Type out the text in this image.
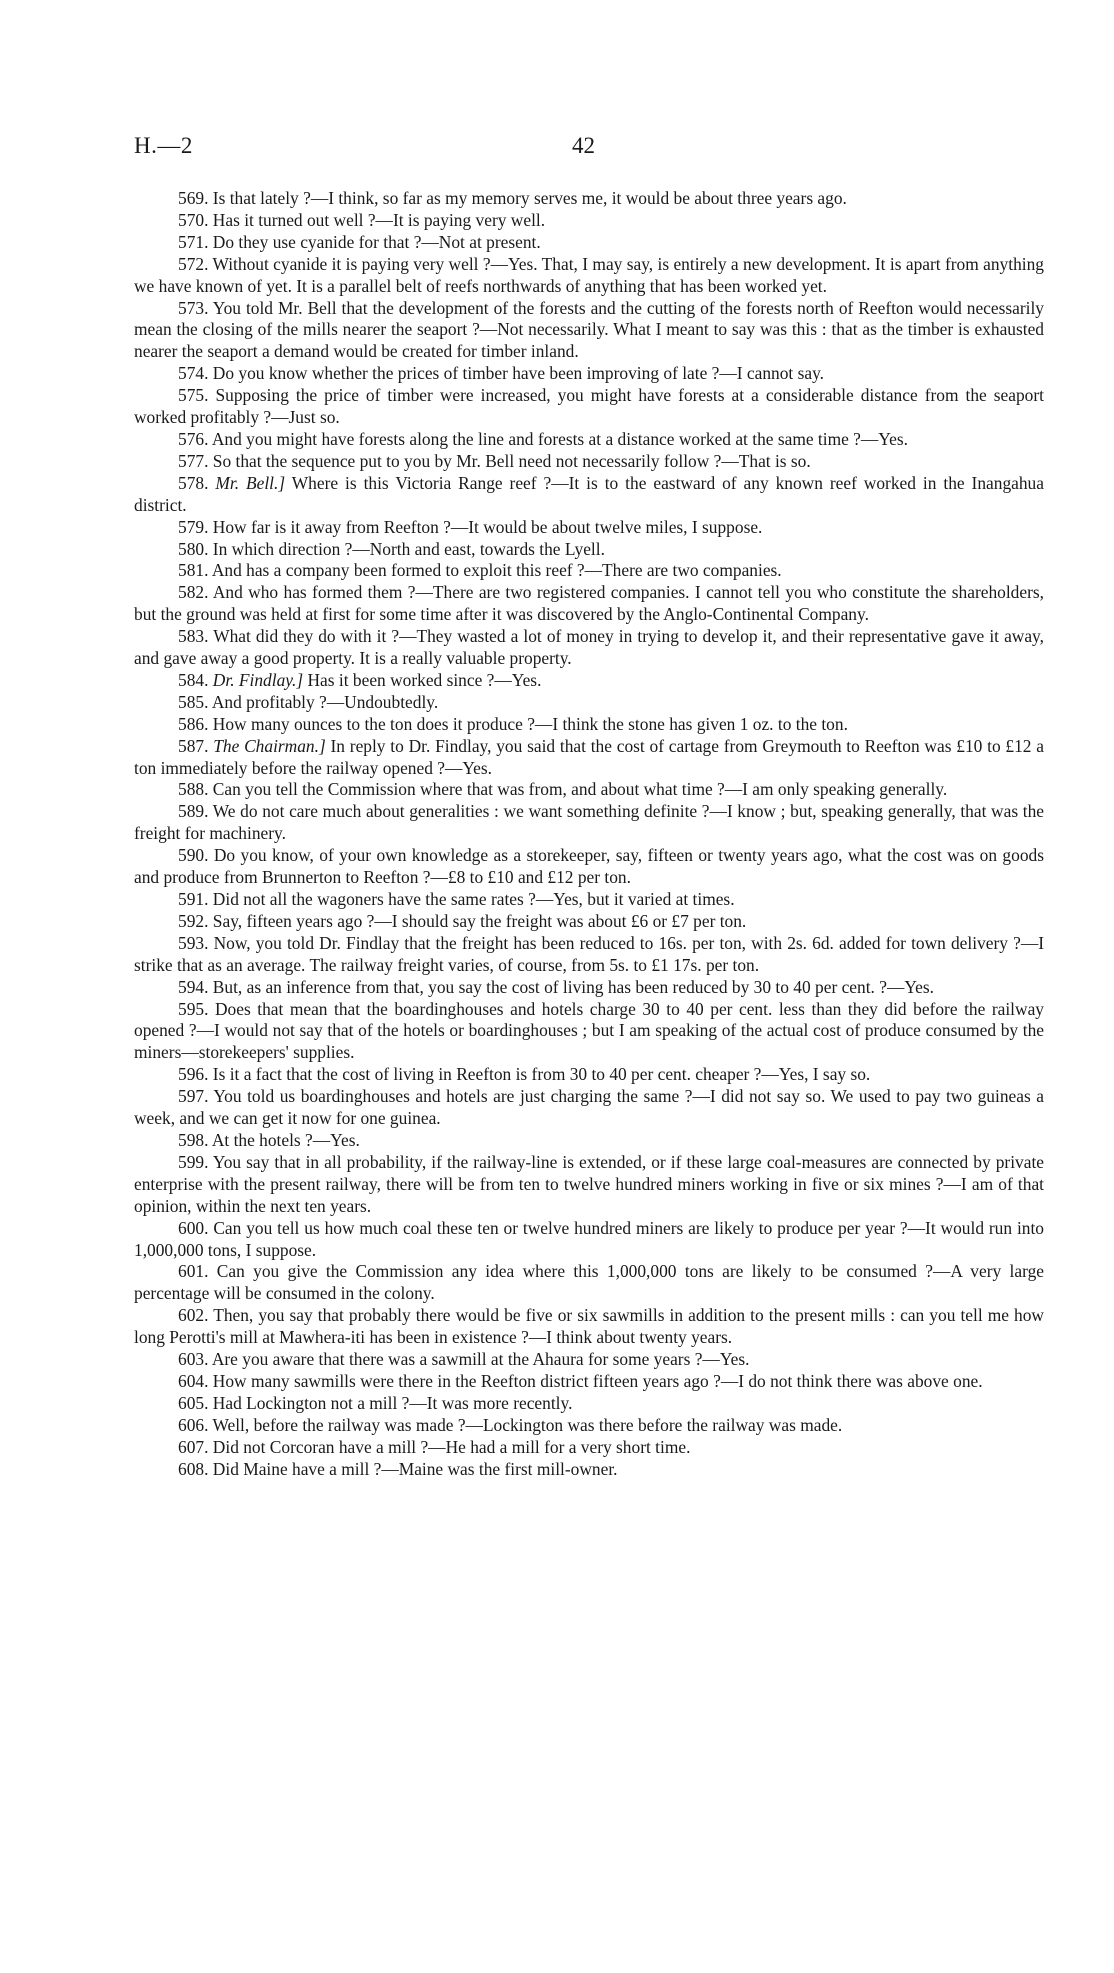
H.—2	42

569. Is that lately ?—I think, so far as my memory serves me, it would be about three years ago.

570. Has it turned out well ?—It is paying very well.

571. Do they use cyanide for that ?—Not at present.

572. Without cyanide it is paying very well ?—Yes. That, I may say, is entirely a new development. It is apart from anything we have known of yet. It is a parallel belt of reefs northwards of anything that has been worked yet.

573. You told Mr. Bell that the development of the forests and the cutting of the forests north of Reefton would necessarily mean the closing of the mills nearer the seaport ?—Not necessarily. What I meant to say was this : that as the timber is exhausted nearer the seaport a demand would be created for timber inland.

574. Do you know whether the prices of timber have been improving of late ?—I cannot say.

575. Supposing the price of timber were increased, you might have forests at a considerable distance from the seaport worked profitably ?—Just so.

576. And you might have forests along the line and forests at a distance worked at the same time ?—Yes.

577. So that the sequence put to you by Mr. Bell need not necessarily follow ?—That is so.

578. Mr. Bell.] Where is this Victoria Range reef ?—It is to the eastward of any known reef worked in the Inangahua district.

579. How far is it away from Reefton ?—It would be about twelve miles, I suppose.

580. In which direction ?—North and east, towards the Lyell.

581. And has a company been formed to exploit this reef ?—There are two companies.

582. And who has formed them ?—There are two registered companies. I cannot tell you who constitute the shareholders, but the ground was held at first for some time after it was discovered by the Anglo-Continental Company.

583. What did they do with it ?—They wasted a lot of money in trying to develop it, and their representative gave it away, and gave away a good property. It is a really valuable property.

584. Dr. Findlay.] Has it been worked since ?—Yes.

585. And profitably ?—Undoubtedly.

586. How many ounces to the ton does it produce ?—I think the stone has given 1 oz. to the ton.

587. The Chairman.] In reply to Dr. Findlay, you said that the cost of cartage from Greymouth to Reefton was £10 to £12 a ton immediately before the railway opened ?—Yes.

588. Can you tell the Commission where that was from, and about what time ?—I am only speaking generally.

589. We do not care much about generalities : we want something definite ?—I know ; but, speaking generally, that was the freight for machinery.

590. Do you know, of your own knowledge as a storekeeper, say, fifteen or twenty years ago, what the cost was on goods and produce from Brunnerton to Reefton ?—£8 to £10 and £12 per ton.

591. Did not all the wagoners have the same rates ?—Yes, but it varied at times.

592. Say, fifteen years ago ?—I should say the freight was about £6 or £7 per ton.

593. Now, you told Dr. Findlay that the freight has been reduced to 16s. per ton, with 2s. 6d. added for town delivery ?—I strike that as an average. The railway freight varies, of course, from 5s. to £1 17s. per ton.

594. But, as an inference from that, you say the cost of living has been reduced by 30 to 40 per cent. ?—Yes.

595. Does that mean that the boardinghouses and hotels charge 30 to 40 per cent. less than they did before the railway opened ?—I would not say that of the hotels or boardinghouses ; but I am speaking of the actual cost of produce consumed by the miners—storekeepers' supplies.

596. Is it a fact that the cost of living in Reefton is from 30 to 40 per cent. cheaper ?—Yes, I say so.

597. You told us boardinghouses and hotels are just charging the same ?—I did not say so. We used to pay two guineas a week, and we can get it now for one guinea.

598. At the hotels ?—Yes.

599. You say that in all probability, if the railway-line is extended, or if these large coal-measures are connected by private enterprise with the present railway, there will be from ten to twelve hundred miners working in five or six mines ?—I am of that opinion, within the next ten years.

600. Can you tell us how much coal these ten or twelve hundred miners are likely to produce per year ?—It would run into 1,000,000 tons, I suppose.

601. Can you give the Commission any idea where this 1,000,000 tons are likely to be consumed ?—A very large percentage will be consumed in the colony.

602. Then, you say that probably there would be five or six sawmills in addition to the present mills : can you tell me how long Perotti's mill at Mawhera-iti has been in existence ?—I think about twenty years.

603. Are you aware that there was a sawmill at the Ahaura for some years ?—Yes.

604. How many sawmills were there in the Reefton district fifteen years ago ?—I do not think there was above one.

605. Had Lockington not a mill ?—It was more recently.

606. Well, before the railway was made ?—Lockington was there before the railway was made.

607. Did not Corcoran have a mill ?—He had a mill for a very short time.

608. Did Maine have a mill ?—Maine was the first mill-owner.
